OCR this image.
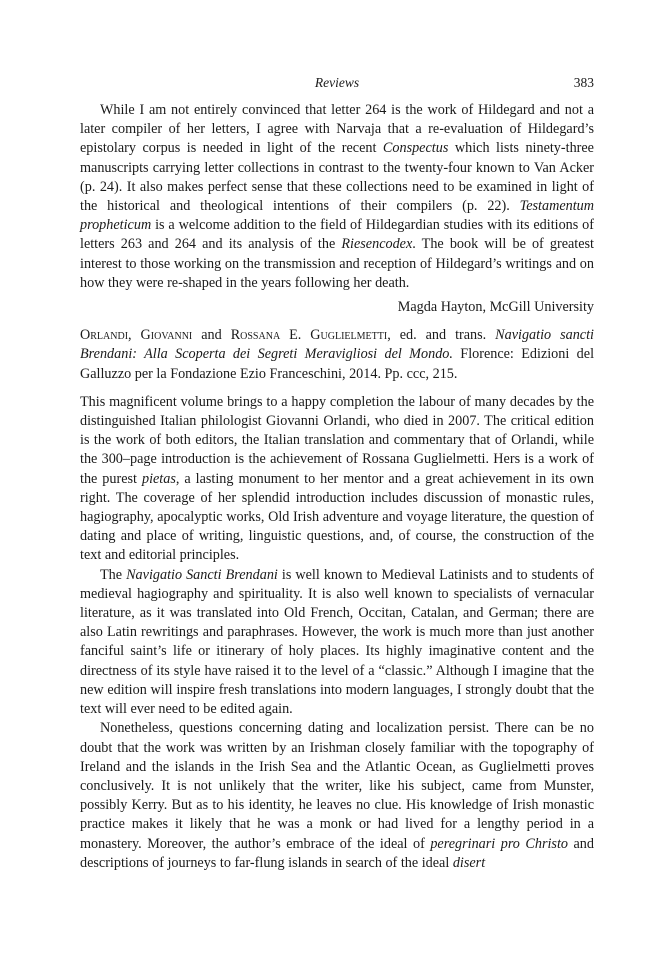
Reviews	383

While I am not entirely convinced that letter 264 is the work of Hildegard and not a later compiler of her letters, I agree with Narvaja that a re-evaluation of Hildegard’s epistolary corpus is needed in light of the recent Conspectus which lists ninety-three manuscripts carrying letter collections in contrast to the twenty-four known to Van Acker (p. 24). It also makes perfect sense that these collections need to be examined in light of the historical and theological intentions of their compilers (p. 22). Testamentum propheticum is a welcome addition to the field of Hildegardian studies with its editions of letters 263 and 264 and its analysis of the Riesencodex. The book will be of greatest interest to those working on the transmission and reception of Hildegard’s writings and on how they were re-shaped in the years following her death.

Magda Hayton, McGill University

Orlandi, Giovanni and Rossana E. Guglielmetti, ed. and trans. Navigatio sancti Brendani: Alla Scoperta dei Segreti Meravigliosi del Mondo. Florence: Edizioni del Galluzzo per la Fondazione Ezio Franceschini, 2014. Pp. ccc, 215.

This magnificent volume brings to a happy completion the labour of many decades by the distinguished Italian philologist Giovanni Orlandi, who died in 2007. The critical edition is the work of both editors, the Italian translation and commentary that of Orlandi, while the 300–page introduction is the achievement of Rossana Guglielmetti. Hers is a work of the purest pietas, a lasting monument to her mentor and a great achievement in its own right. The coverage of her splendid introduction includes discussion of monastic rules, hagiography, apocalyptic works, Old Irish adventure and voyage literature, the question of dating and place of writing, linguistic questions, and, of course, the construction of the text and editorial principles.

The Navigatio Sancti Brendani is well known to Medieval Latinists and to students of medieval hagiography and spirituality. It is also well known to specialists of vernacular literature, as it was translated into Old French, Occitan, Catalan, and German; there are also Latin rewritings and paraphrases. However, the work is much more than just another fanciful saint’s life or itinerary of holy places. Its highly imaginative content and the directness of its style have raised it to the level of a “classic.” Although I imagine that the new edition will inspire fresh translations into modern languages, I strongly doubt that the text will ever need to be edited again.

Nonetheless, questions concerning dating and localization persist. There can be no doubt that the work was written by an Irishman closely familiar with the topography of Ireland and the islands in the Irish Sea and the Atlantic Ocean, as Guglielmetti proves conclusively. It is not unlikely that the writer, like his subject, came from Munster, possibly Kerry. But as to his identity, he leaves no clue. His knowledge of Irish monastic practice makes it likely that he was a monk or had lived for a lengthy period in a monastery. Moreover, the author’s embrace of the ideal of peregrinari pro Christo and descriptions of journeys to far-flung islands in search of the ideal disert
